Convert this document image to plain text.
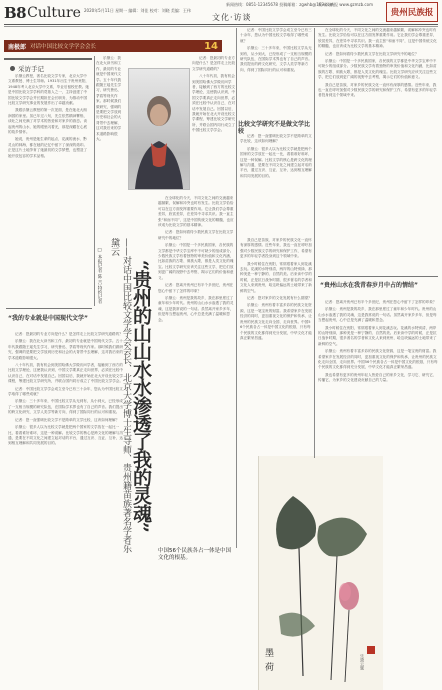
B8 Culture 2020年5月11日 星期一 编辑：刘佳 校对：刘晓 美编：王伟
新闻热线：0851-12345678 投稿邮箱：zgwhb@163.com
贵州民族报 www.gzmzb.com
文化·访谈	贵州民族报
南极郎 对话中国比较文学学会会长	14
采访手记

乐黛云教授，著名比较文学专家，北京大学中文系教授、博士生导师。1931年出生于贵州贵阳，1948年考入北京大学中文系，毕业后留校任教。她是中国比较文学学科的奠基人之一，主持创建了中国比较文学学会并长期担任会长职务，为推动中国比较文学研究事业的发展作出了卓越贡献。

我跟乐黛云教授的第一次见面，是在她北大朗润园的家里。虽已年过八旬，先生依然精神矍铄，谈吐之间充满了对学术的热爱和对家乡的眷恋。谈起贵州的山水，她的眼里闪着光，那是深藏在心底的故乡情怀。

她说，贵州是她生命的起点，花溪的流水、黔灵山的林海，都在她的记忆中留下了深深的烙印。正是这片土地孕育了她最初的文学梦想，也塑造了她开放包容的学术品格。

乐黛云：我在北大读书和工作，最初的专业就是中国现代文学。五十年代我跟随王瑶先生学习，研究鲁迅、茅盾等现代作家。那时候我们做研究，强调的是要把文学放到历史和社会的大背景中去理解，这对我后来的学术道路影响很大。

记者：您最初的专业方向是什么？是怎样走上比较文学研究道路的？

八十年代初，我有机会到美国哈佛大学做访问学者，接触到了西方的比较文学理论，这使我认识到，中国文学要真正走向世界，必须在比较中认识自己，在对话中发展自己。回国以后，我就开始在北大开设比较文学课程，筹建比较文学研究所，并联合国内同行成立了中国比较文学学会。

记者：中国比较文学学会成立至今已有三十余年，您认为中国比较文学取得了哪些成就？

乐黛云：三十多年来，中国比较文学从无到有，从小到大，已经形成了一支相当规模的研究队伍，在国际学术界也有了自己的声音。我们提出的跨文化研究、文学人类学等新方向，得到了国际同行的认可和重视。

比较文学研究不是做文学比较

记者：您一直强调比较文学不是简单的文学比较，这该如何理解？

乐黛云：很多人以为比较文学就是把两个国家的文学放在一起比一比，看看谁好谁坏，这是一种误解。比较文学的核心是跨文化的理解与沟通，是要在不同文化之间建立起对话的平台，通过互识、互证、互补，达到相互理解和共同发展的目的。

在全球化的今天，不同文化之间的交流越来越频繁，误解和冲突也时有发生。比较文学恰恰可以在这方面发挥重要作用。它让我们学会尊重差异，欣赏差异，在差异中寻求共识。我一直主张“和而不同”，这是中国传统文化的精髓，也应该成为比较文学的基本精神。

记者：您如何看待少数民族文学在比较文学研究中的地位？

乐黛云：中国是一个多民族国家，各民族的文学都是中华文学宝库中不可缺少的组成部分。少数民族文学有着独特的审美价值和文化内涵，比如苗族的古歌、侗族大歌，都是人类文化的瑰宝。比较文学研究应该关注这些文学，把它们放到更广阔的视野中去考察，揭示它们的价值和意义。

我自己是苗族，对家乡的民族文化一直怀有深厚的感情。近些年来，我也一直在呼吁加强对少数民族文学的研究和保护工作，希望有更多的年轻学者投身到这个领域中来。

“我的专业就是中国现代文学”

记者：您最初的专业方向是什么？是怎样走上比较文学研究道路的？

乐黛云：我在北大读书和工作，最初的专业就是中国现代文学。五十年代我跟随王瑶先生学习，研究鲁迅、茅盾等现代作家。那时候我们做研究，强调的是要把文学放到历史和社会的大背景中去理解，这对我后来的学术道路影响很大。

八十年代初，我有机会到美国哈佛大学做访问学者，接触到了西方的比较文学理论，这使我认识到，中国文学要真正走向世界，必须在比较中认识自己，在对话中发展自己。回国以后，我就开始在北大开设比较文学课程，筹建比较文学研究所，并联合国内同行成立了中国比较文学学会。

记者：中国比较文学学会成立至今已有三十余年，您认为中国比较文学取得了哪些成就？

乐黛云：三十多年来，中国比较文学从无到有，从小到大，已经形成了一支相当规模的研究队伍，在国际学术界也有了自己的声音。我们提出的跨文化研究、文学人类学等新方向，得到了国际同行的认可和重视。

记者：您一直强调比较文学不是简单的文学比较，这该如何理解？

乐黛云：很多人以为比较文学就是把两个国家的文学放在一起比一比，看看谁好谁坏，这是一种误解。比较文学的核心是跨文化的理解与沟通，是要在不同文化之间建立起对话的平台，通过互识、互证、互补，达到相互理解和共同发展的目的。	“贵州的山山水水渗透了我的灵魂”
——对话中国比较文学学会会长、北京大学博士生导师、贵州籍苗族著名学者乐黛云
□ 本报记者 陈 吉 特约记者

在全球化的今天，不同文化之间的交流越来越频繁，误解和冲突也时有发生。比较文学恰恰可以在这方面发挥重要作用。它让我们学会尊重差异，欣赏差异，在差异中寻求共识。我一直主张“和而不同”，这是中国传统文化的精髓，也应该成为比较文学的基本精神。

记者：您如何看待少数民族文学在比较文学研究中的地位？

乐黛云：中国是一个多民族国家，各民族的文学都是中华文学宝库中不可缺少的组成部分。少数民族文学有着独特的审美价值和文化内涵，比如苗族的古歌、侗族大歌，都是人类文化的瑰宝。比较文学研究应该关注这些文学，把它们放到更广阔的视野中去考察，揭示它们的价值和意义。

记者：您离开贵州已有半个多世纪，贵州在您心中留下了怎样的印象？

乐黛云：贵州是我的故乡，我在那里度过了童年和少年时代。贵州的山山水水渗透了我的灵魂，这是我常说的一句话。虽然离开家乡多年，但是每当想起贵州，心中总是充满了温暖和思念。

中国56个民族各占一体是中国文化的根基。

我自己是苗族，对家乡的民族文化一直怀有深厚的感情。近些年来，我也一直在呼吁加强对少数民族文学的研究和保护工作，希望有更多的年轻学者投身到这个领域中来。

我小时候住在贵阳，常常跟着家人到花溪去玩。花溪的水特别清，两岸的山特别绿，那种美是一种宁静的、自然的美。后来读中学的时候，正是抗日战争时期，很多著名的学者和文化人来到贵州，给这块偏远的土地带来了新鲜的空气。

记者：您对家乡的文化发展有什么期望？

乐黛云：贵州有着丰富多彩的民族文化资源，这是一笔宝贵的财富。我希望家乡在发展经济的同时，更加重视文化的保护和传承，让贵州的民族文化走向全国、走向世界。中国56个民族各占一体是中国文化的根基，只有每个民族的文化都得到充分发展，中华文化才能真正繁荣昌盛。

“贵州山水在我青春岁月中占的情结”

记者：您离开贵州已有半个多世纪，贵州在您心中留下了怎样的印象？

乐黛云：贵州是我的故乡，我在那里度过了童年和少年时代。贵州的山山水水渗透了我的灵魂，这是我常说的一句话。虽然离开家乡多年，但是每当想起贵州，心中总是充满了温暖和思念。

我小时候住在贵阳，常常跟着家人到花溪去玩。花溪的水特别清，两岸的山特别绿，那种美是一种宁静的、自然的美。后来读中学的时候，正是抗日战争时期，很多著名的学者和文化人来到贵州，给这块偏远的土地带来了新鲜的空气。

乐黛云：贵州有着丰富多彩的民族文化资源，这是一笔宝贵的财富。我希望家乡在发展经济的同时，更加重视文化的保护和传承，让贵州的民族文化走向全国、走向世界。中国56个民族各占一体是中国文化的根基，只有每个民族的文化都得到充分发展，中华文化才能真正繁荣昌盛。

我也希望有更多的贵州年轻人热爱自己的家乡文化，学习它、研究它、传播它，为家乡的文化建设贡献自己的力量。

墨
荷	乐黛云题
